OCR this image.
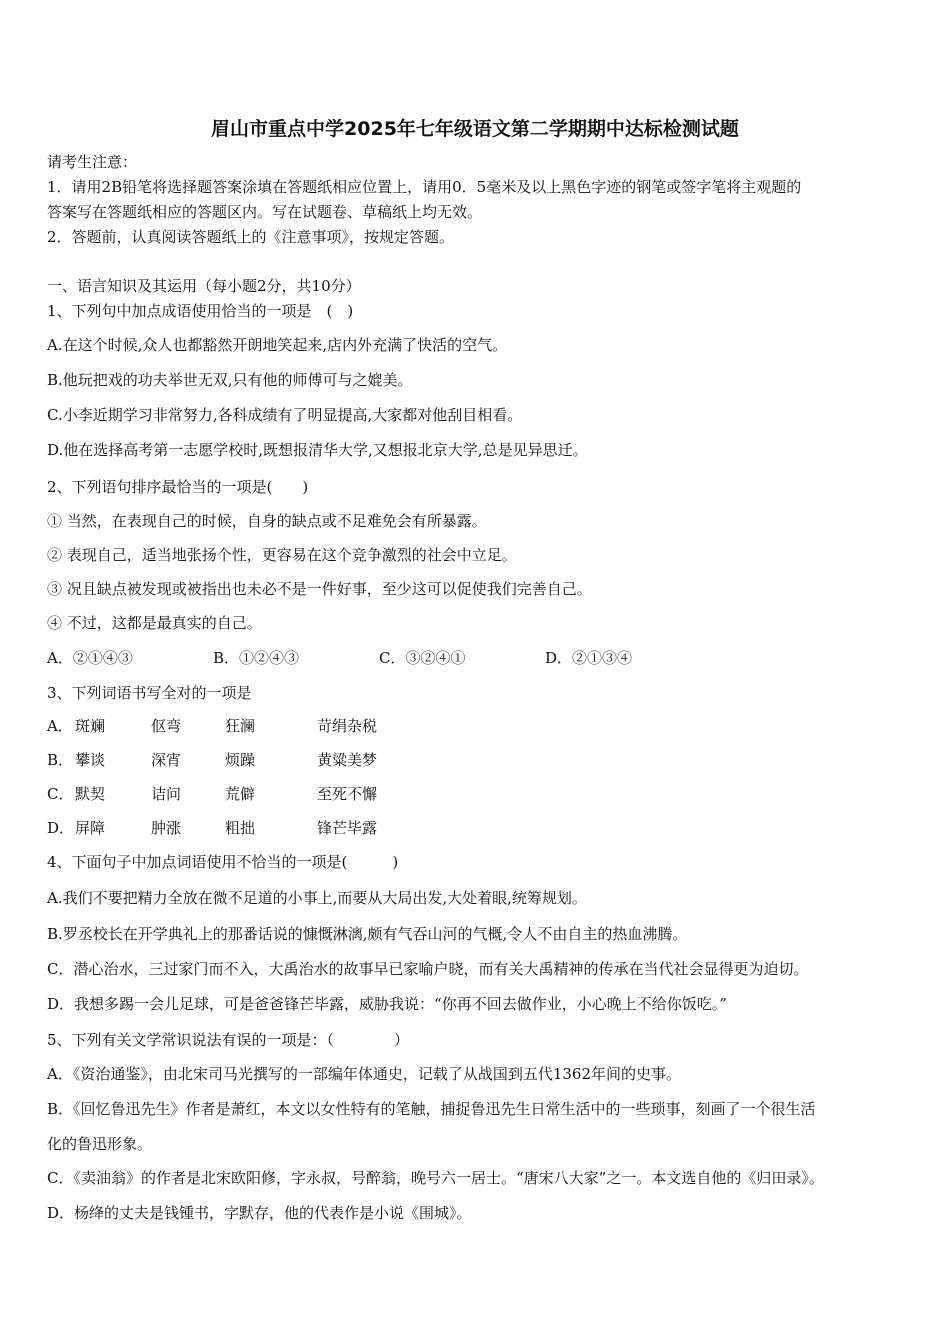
眉山市重点中学2025年七年级语文第二学期期中达标检测试题
请考生注意：
1．请用2B铅笔将选择题答案涂填在答题纸相应位置上，请用0．5毫米及以上黑色字迹的钢笔或签字笔将主观题的
答案写在答题纸相应的答题区内。写在试题卷、草稿纸上均无效。
2．答题前，认真阅读答题纸上的《注意事项》，按规定答题。
一、语言知识及其运用（每小题2分，共10分）
1、下列句中加点成语使用恰当的一项是　(　)
A.在这个时候,众人也都豁然开朗地笑起来,店内外充满了快活的空气。
B.他玩把戏的功夫举世无双,只有他的师傅可与之媲美。
C.小李近期学习非常努力,各科成绩有了明显提高,大家都对他刮目相看。
D.他在选择高考第一志愿学校时,既想报清华大学,又想报北京大学,总是见异思迁。
2、下列语句排序最恰当的一项是(　　)
① 当然，在表现自己的时候，自身的缺点或不足难免会有所暴露。
② 表现自己，适当地张扬个性，更容易在这个竞争激烈的社会中立足。
③ 况且缺点被发现或被指出也未必不是一件好事，至少这可以促使我们完善自己。
④ 不过，这都是最真实的自己。
A．②①④③	B．①②④③	C．③②④①	D．②①③④
3、下列词语书写全对的一项是
A． 斑斓	伛弯	狂澜	苛绢杂税
B． 攀谈	深宵	烦躁	黄粱美梦
C． 默契	诘问	荒僻	至死不懈
D．屏障	肿涨	粗拙	锋芒毕露
4、下面句子中加点词语使用不恰当的一项是(　　　)
A.我们不要把精力全放在微不足道的小事上,而要从大局出发,大处着眼,统筹规划。
B.罗丞校长在开学典礼上的那番话说的慷慨淋漓,颇有气吞山河的气概,令人不由自主的热血沸腾。
C．潜心治水，三过家门而不入，大禹治水的故事早已家喻户晓，而有关大禹精神的传承在当代社会显得更为迫切。
D．我想多踢一会儿足球，可是爸爸锋芒毕露，威胁我说：“你再不回去做作业，小心晚上不给你饭吃。”
5、下列有关文学常识说法有误的一项是：（　　　　）
A．《资治通鉴》，由北宋司马光撰写的一部编年体通史，记载了从战国到五代1362年间的史事。
B．《回忆鲁迅先生》作者是萧红，本文以女性特有的笔触，捕捉鲁迅先生日常生活中的一些琐事，刻画了一个很生活
化的鲁迅形象。
C．《卖油翁》的作者是北宋欧阳修，字永叔，号醉翁，晚号六一居士。“唐宋八大家”之一。本文选自他的《归田录》。
D．杨绛的丈夫是钱锺书，字默存，他的代表作是小说《围城》。
